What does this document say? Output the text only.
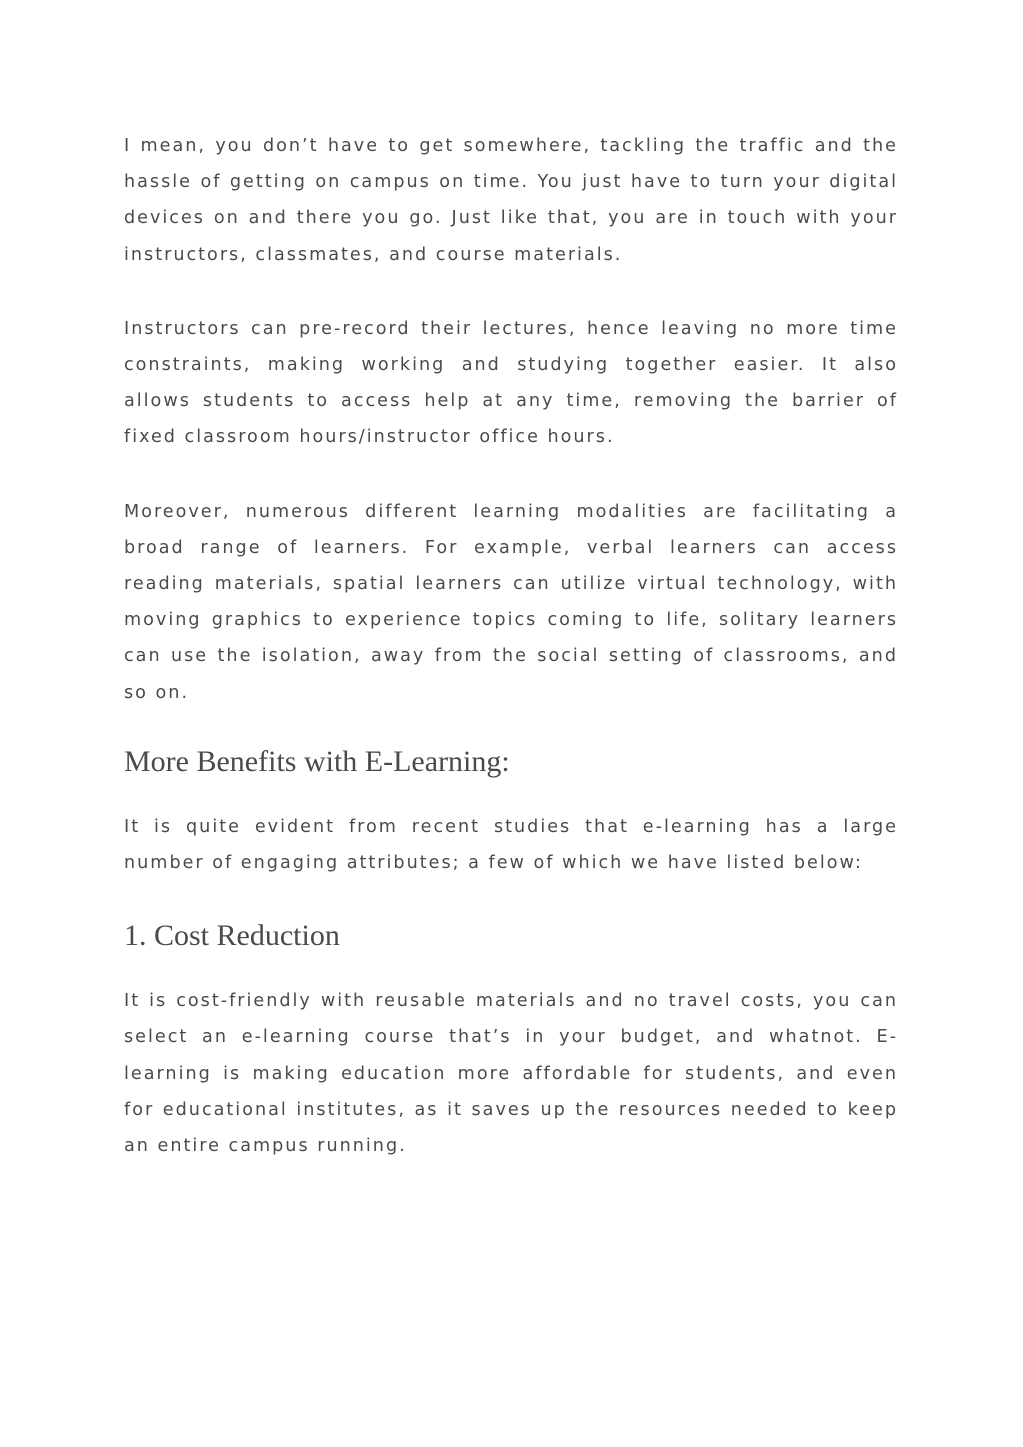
I mean, you don’t have to get somewhere, tackling the traffic and the hassle of getting on campus on time. You just have to turn your digital devices on and there you go. Just like that, you are in touch with your instructors, classmates, and course materials.

Instructors can pre-record their lectures, hence leaving no more time constraints, making working and studying together easier. It also allows students to access help at any time, removing the barrier of fixed classroom hours/instructor office hours.

Moreover, numerous different learning modalities are facilitating a broad range of learners. For example, verbal learners can access reading materials, spatial learners can utilize virtual technology, with moving graphics to experience topics coming to life, solitary learners can use the isolation, away from the social setting of classrooms, and so on.

More Benefits with E-Learning:

It is quite evident from recent studies that e-learning has a large number of engaging attributes; a few of which we have listed below:

1. Cost Reduction

It is cost-friendly with reusable materials and no travel costs, you can select an e-learning course that’s in your budget, and whatnot. E-learning is making education more affordable for students, and even for educational institutes, as it saves up the resources needed to keep an entire campus running.
